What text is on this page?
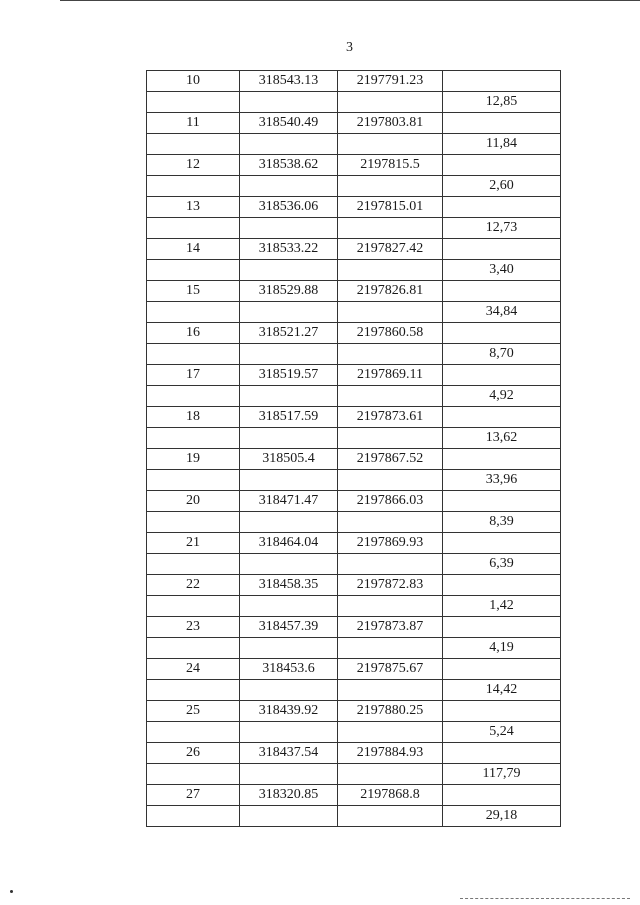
3
10	318543.13	2197791.23	
			12,85
11	318540.49	2197803.81	
			11,84
12	318538.62	2197815.5	
			2,60
13	318536.06	2197815.01	
			12,73
14	318533.22	2197827.42	
			3,40
15	318529.88	2197826.81	
			34,84
16	318521.27	2197860.58	
			8,70
17	318519.57	2197869.11	
			4,92
18	318517.59	2197873.61	
			13,62
19	318505.4	2197867.52	
			33,96
20	318471.47	2197866.03	
			8,39
21	318464.04	2197869.93	
			6,39
22	318458.35	2197872.83	
			1,42
23	318457.39	2197873.87	
			4,19
24	318453.6	2197875.67	
			14,42
25	318439.92	2197880.25	
			5,24
26	318437.54	2197884.93	
			117,79
27	318320.85	2197868.8	
			29,18
